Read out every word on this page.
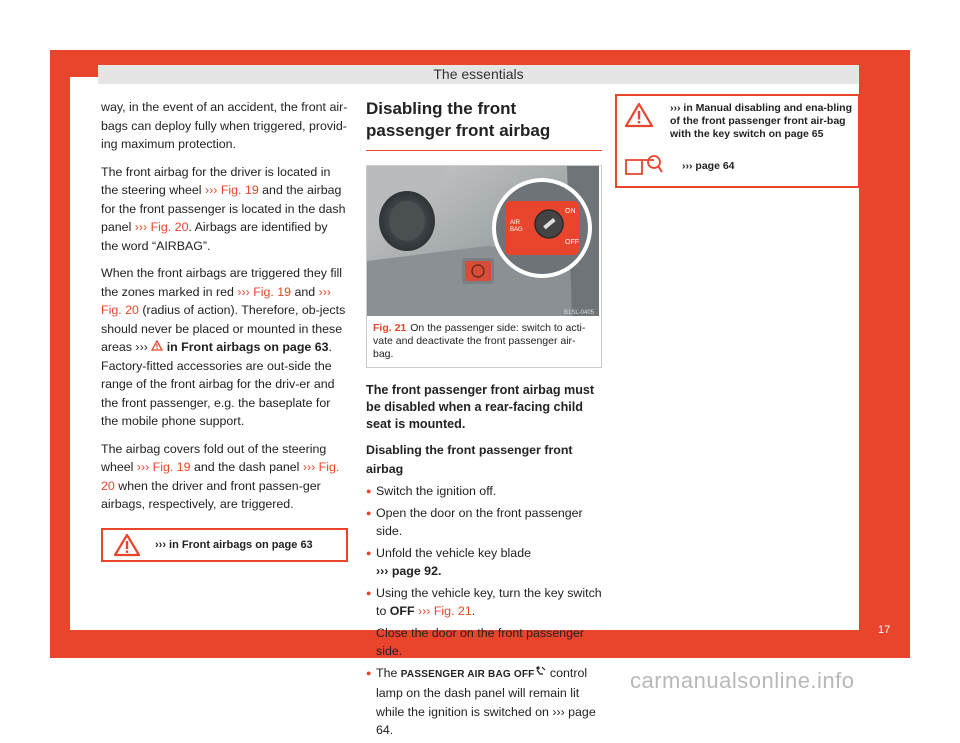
The essentials

way, in the event of an accident, the front air-bags can deploy fully when triggered, provid-ing maximum protection.

The front airbag for the driver is located in the steering wheel ››› Fig. 19 and the airbag for the front passenger is located in the dash panel ››› Fig. 20. Airbags are identified by the word “AIRBAG”.

When the front airbags are triggered they fill the zones marked in red ››› Fig. 19 and ››› Fig. 20 (radius of action). Therefore, ob-jects should never be placed or mounted in these areas ›››  in Front airbags on page 63. Factory-fitted accessories are out-side the range of the front airbag for the driv-er and the front passenger, e.g. the baseplate for the mobile phone support.

The airbag covers fold out of the steering wheel ››› Fig. 19 and the dash panel ››› Fig. 20 when the driver and front passen-ger airbags, respectively, are triggered.

››› in Front airbags on page 63
Disabling the front passenger front airbag
ON
OFF
AIR
BAG
B1SL-0405
Fig. 21 On the passenger side: switch to acti-vate and deactivate the front passenger air-bag.
The front passenger front airbag must be disabled when a rear-facing child seat is mounted.
Disabling the front passenger front airbag
● Switch the ignition off.
● Open the door on the front passenger side.
● Unfold the vehicle key blade
››› page 92.
● Using the vehicle key, turn the key switch to OFF ››› Fig. 21.
● Close the door on the front passenger side.
● The PASSENGER AIR BAG OFF control lamp on the dash panel will remain lit while the ignition is switched on ››› page 64.
››› in Manual disabling and ena-bling of the front passenger front air-bag with the key switch on page 65
››› page 64
17
carmanualsonline.info
